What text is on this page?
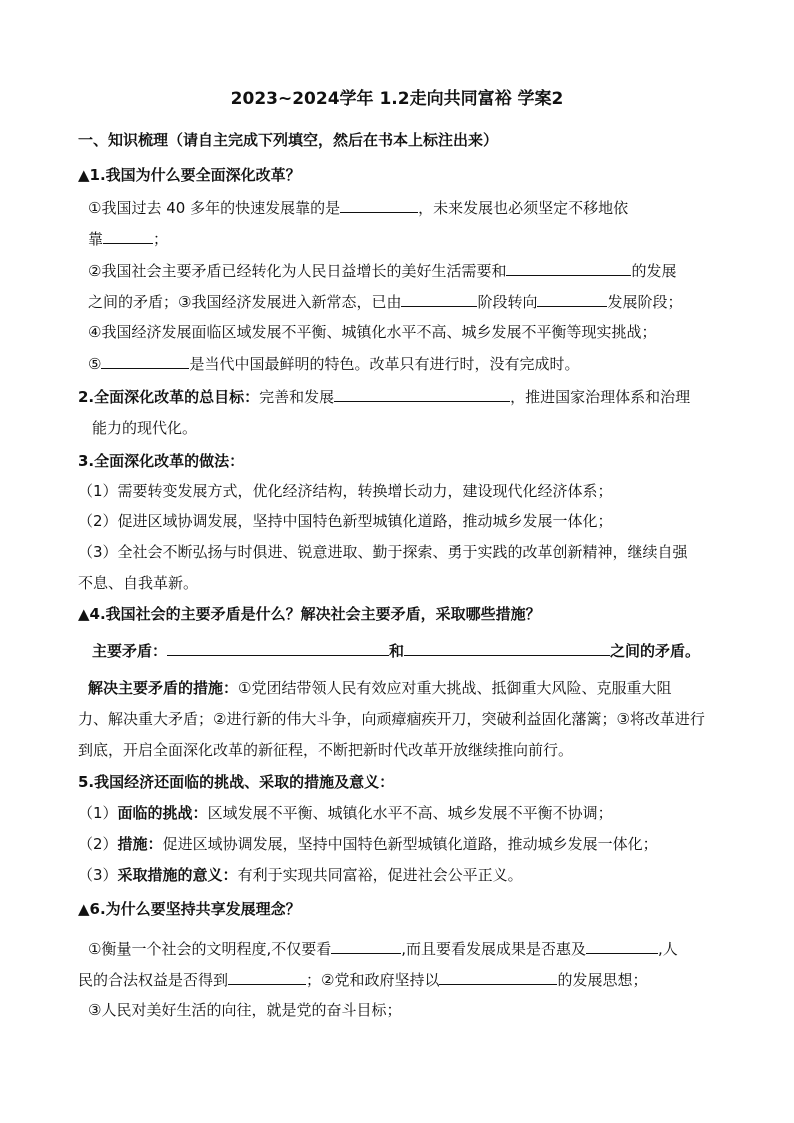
2023~2024学年 1.2走向共同富裕 学案2
一、知识梳理（请自主完成下列填空，然后在书本上标注出来）
▲1.我国为什么要全面深化改革？
①我国过去 40 多年的快速发展靠的是	，未来发展也必须坚定不移地依
靠	；
②我国社会主要矛盾已经转化为人民日益增长的美好生活需要和	的发展
之间的矛盾；③我国经济发展进入新常态，已由	阶段转向	发展阶段；
④我国经济发展面临区域发展不平衡、城镇化水平不高、城乡发展不平衡等现实挑战；
⑤	是当代中国最鲜明的特色。改革只有进行时，没有完成时。
2.全面深化改革的总目标：完善和发展	，推进国家治理体系和治理
能力的现代化。
3.全面深化改革的做法：
（1）需要转变发展方式，优化经济结构，转换增长动力，建设现代化经济体系；
（2）促进区域协调发展，坚持中国特色新型城镇化道路，推动城乡发展一体化；
（3）全社会不断弘扬与时俱进、锐意进取、勤于探索、勇于实践的改革创新精神，继续自强
不息、自我革新。
▲4.我国社会的主要矛盾是什么？解决社会主要矛盾，采取哪些措施？
主要矛盾：	和	之间的矛盾。
解决主要矛盾的措施：①党团结带领人民有效应对重大挑战、抵御重大风险、克服重大阻
力、解决重大矛盾；②进行新的伟大斗争，向顽瘴痼疾开刀，突破利益固化藩篱；③将改革进行
到底，开启全面深化改革的新征程，不断把新时代改革开放继续推向前行。
5.我国经济还面临的挑战、采取的措施及意义：
（1）面临的挑战：区域发展不平衡、城镇化水平不高、城乡发展不平衡不协调；
（2）措施：促进区域协调发展，坚持中国特色新型城镇化道路，推动城乡发展一体化；
（3）采取措施的意义：有利于实现共同富裕，促进社会公平正义。
▲6.为什么要坚持共享发展理念？
①衡量一个社会的文明程度,不仅要看	,而且要看发展成果是否惠及	,人
民的合法权益是否得到	；②党和政府坚持以	的发展思想；
③人民对美好生活的向往，就是党的奋斗目标；
